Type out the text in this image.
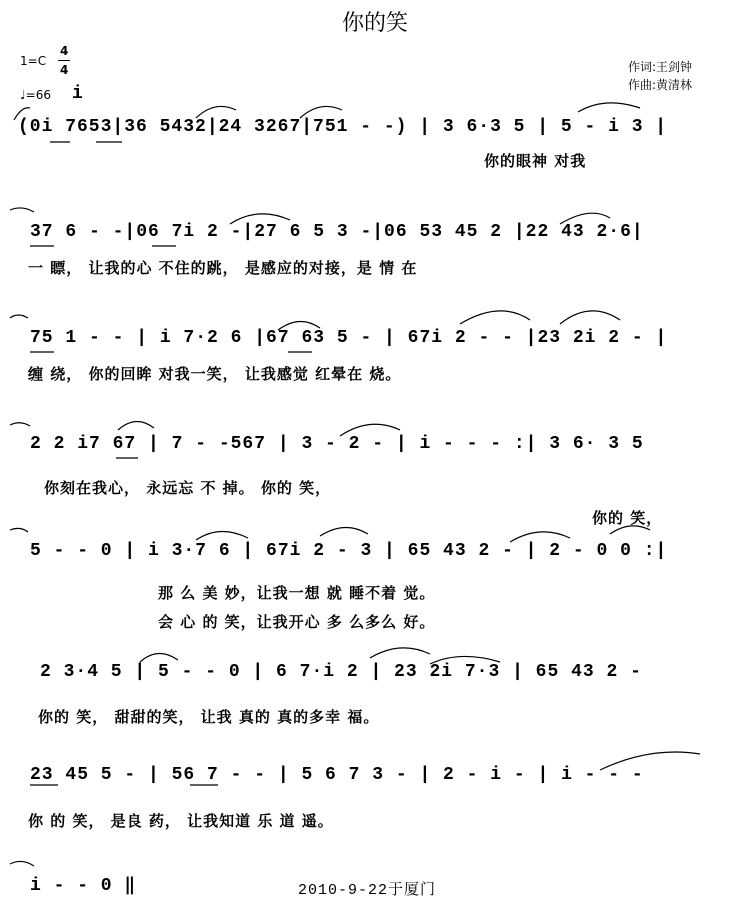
你的笑
1=C
4
4
♩=66 i
作词:王剑钟
作曲:黄清林
(0i 7653|36 5432|24 3267|751 - -) | 3 6·3 5 | 5 - i 3 |
你的眼神 对我
37 6 - -|06 7i 2 -|27 6 5 3 -|06 53 45 2 |22 43 2·6|
一 瞟， 让我的心 不住的跳， 是感应的对接，是 情 在
75 1 - - | i 7·2 6 |67 63 5 - | 67i 2 - - |23 2i 2 - |
缠 绕， 你的回眸 对我一笑， 让我感觉 红晕在 烧。
2 2 i7 67 | 7 - -567 | 3 - 2 - | i - - - :| 3 6· 3 5
你刻在我心， 永远忘 不 掉。 你的 笑，
你的 笑，
5 - - 0 | i 3·7 6 | 67i 2 - 3 | 65 43 2 - | 2 - 0 0 :|
那 么 美 妙，让我一想 就 睡不着 觉。
会 心 的 笑，让我开心 多 么多么 好。
2 3·4 5 | 5 - - 0 | 6 7·i 2 | 23 2i 7·3 | 65 43 2 -
你的 笑， 甜甜的笑， 让我 真的 真的多幸 福。
23 45 5 - | 56 7 - - | 5 6 7 3 - | 2 - i - | i - - -
你 的 笑， 是良 药， 让我知道 乐 道 遥。
i - - 0 ‖	2010-9-22于厦门
